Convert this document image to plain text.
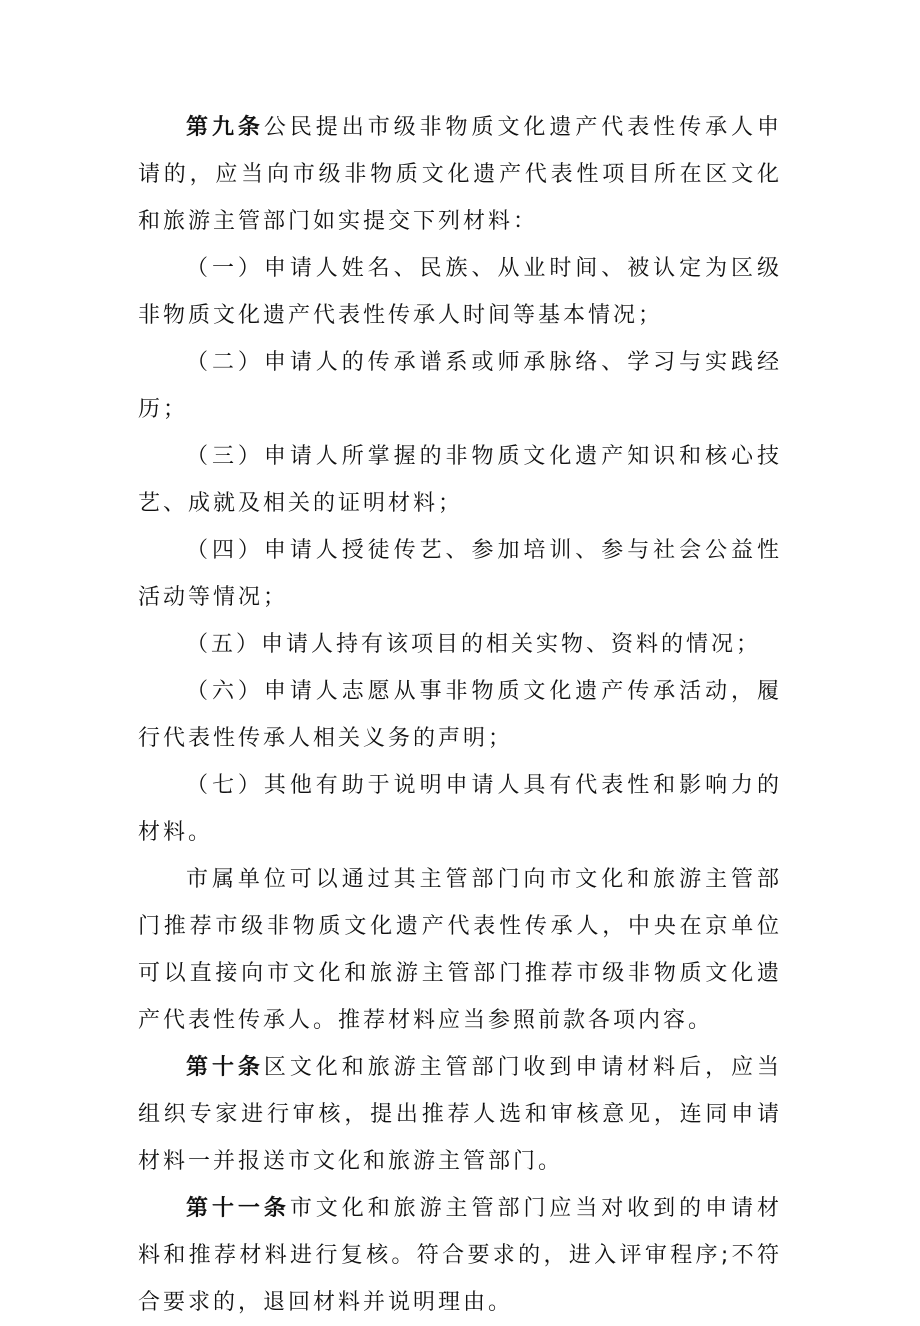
第九条公民提出市级非物质文化遗产代表性传承人申请的，应当向市级非物质文化遗产代表性项目所在区文化和旅游主管部门如实提交下列材料：

（一）申请人姓名、民族、从业时间、被认定为区级非物质文化遗产代表性传承人时间等基本情况；

（二）申请人的传承谱系或师承脉络、学习与实践经历；

（三）申请人所掌握的非物质文化遗产知识和核心技艺、成就及相关的证明材料；

（四）申请人授徒传艺、参加培训、参与社会公益性活动等情况；

（五）申请人持有该项目的相关实物、资料的情况；

（六）申请人志愿从事非物质文化遗产传承活动，履行代表性传承人相关义务的声明；

（七）其他有助于说明申请人具有代表性和影响力的材料。

市属单位可以通过其主管部门向市文化和旅游主管部门推荐市级非物质文化遗产代表性传承人，中央在京单位可以直接向市文化和旅游主管部门推荐市级非物质文化遗产代表性传承人。推荐材料应当参照前款各项内容。

第十条区文化和旅游主管部门收到申请材料后，应当组织专家进行审核，提出推荐人选和审核意见，连同申请材料一并报送市文化和旅游主管部门。

第十一条市文化和旅游主管部门应当对收到的申请材料和推荐材料进行复核。符合要求的，进入评审程序;不符合要求的，退回材料并说明理由。
